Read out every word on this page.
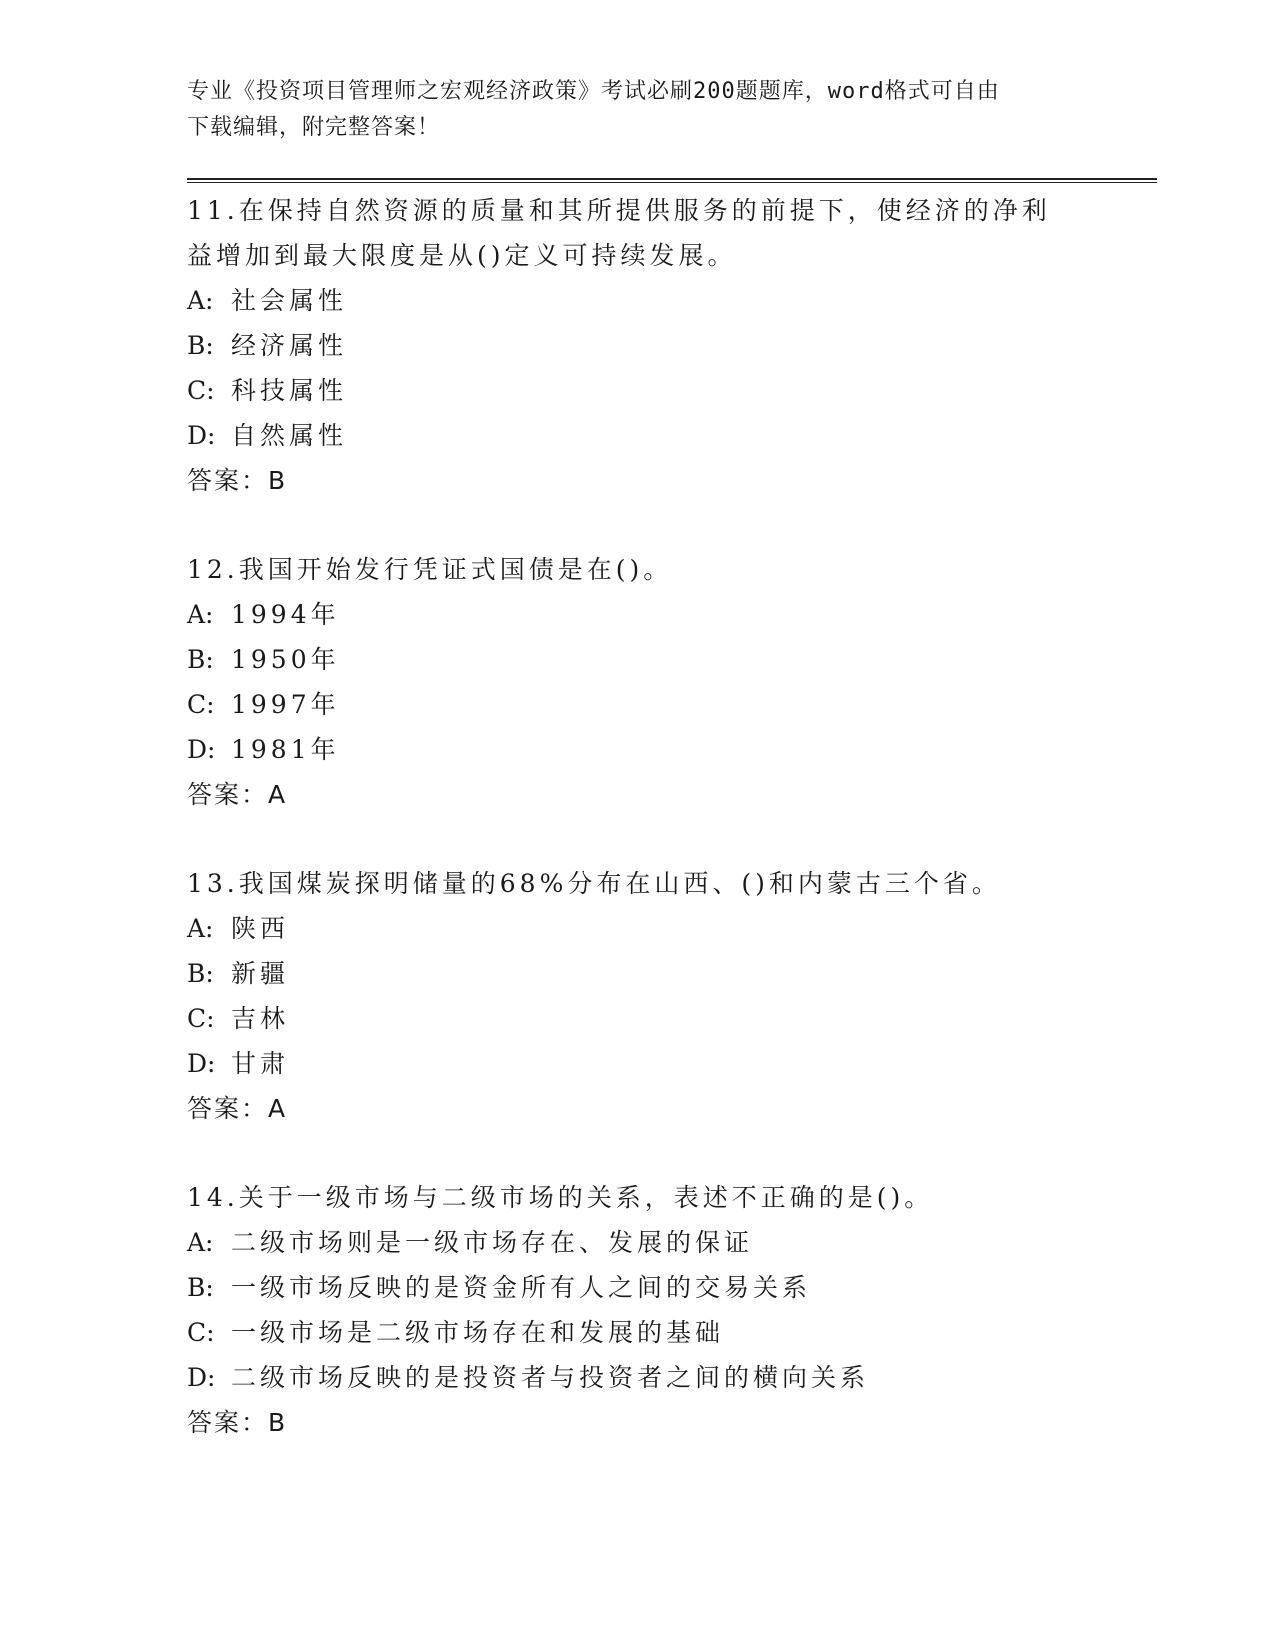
专业《投资项目管理师之宏观经济政策》考试必刷200题题库，word格式可自由
下载编辑，附完整答案！
11.在保持自然资源的质量和其所提供服务的前提下，使经济的净利益增加到最大限度是从()定义可持续发展。
A: 社会属性
B: 经济属性
C: 科技属性
D: 自然属性
答案：B
12.我国开始发行凭证式国债是在()。
A: 1994年
B: 1950年
C: 1997年
D: 1981年
答案：A
13.我国煤炭探明储量的68%分布在山西、()和内蒙古三个省。
A: 陕西
B: 新疆
C: 吉林
D: 甘肃
答案：A
14.关于一级市场与二级市场的关系，表述不正确的是()。
A: 二级市场则是一级市场存在、发展的保证
B: 一级市场反映的是资金所有人之间的交易关系
C: 一级市场是二级市场存在和发展的基础
D: 二级市场反映的是投资者与投资者之间的横向关系
答案：B
